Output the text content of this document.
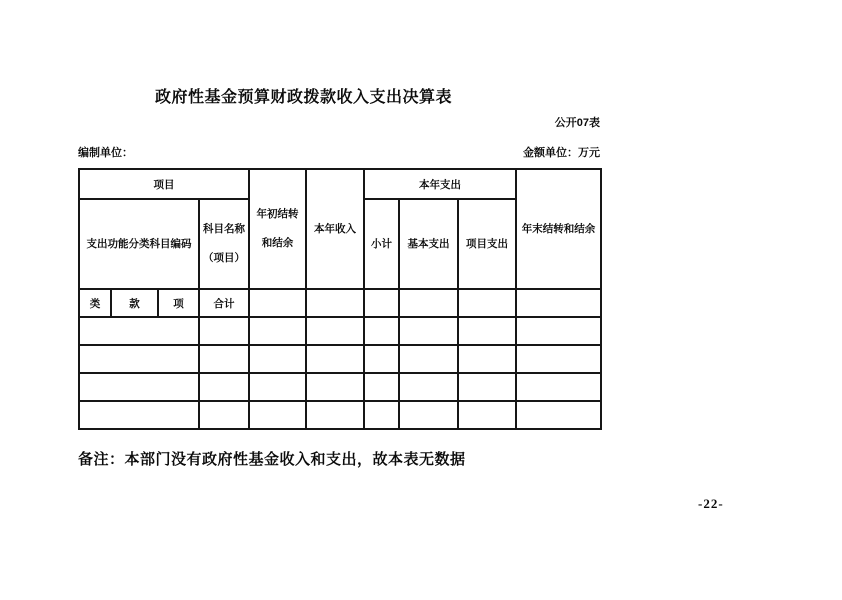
政府性基金预算财政拨款收入支出决算表
公开07表
编制单位：	金额单位：万元
项目				年初结转和结余	本年收入	本年支出			年末结转和结余
支出功能分类科目编码			科目名称（项目）			小计	基本支出	项目支出	
类	款	项	合计						

备注：本部门没有政府性基金收入和支出，故本表无数据
-22-
